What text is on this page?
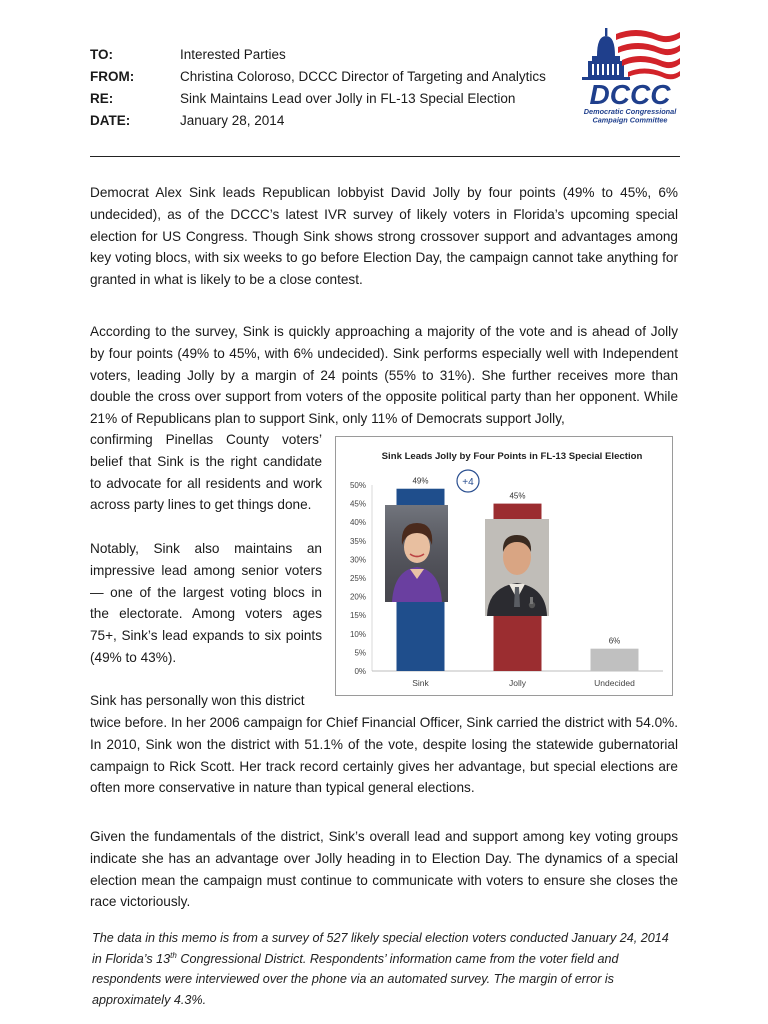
TO:	Interested Parties
FROM:	Christina Coloroso, DCCC Director of Targeting and Analytics
RE:	Sink Maintains Lead over Jolly in FL-13 Special Election
DATE:	January 28, 2014
DCCC
Democratic Congressional
Campaign Committee

Democrat Alex Sink leads Republican lobbyist David Jolly by four points (49% to 45%, 6% undecided), as of the DCCC’s latest IVR survey of likely voters in Florida’s upcoming special election for US Congress. Though Sink shows strong crossover support and advantages among key voting blocs, with six weeks to go before Election Day, the campaign cannot take anything for granted in what is likely to be a close contest.

According to the survey, Sink is quickly approaching a majority of the vote and is ahead of Jolly by four points (49% to 45%, with 6% undecided). Sink performs especially well with Independent voters, leading Jolly by a margin of 24 points (55% to 31%). She further receives more than double the cross over support from voters of the opposite political party than her opponent. While 21% of Republicans plan to support Sink, only 11% of Democrats support Jolly,

confirming Pinellas County voters’ belief that Sink is the right candidate to advocate for all residents and work across party lines to get things done.

Notably, Sink also maintains an impressive lead among senior voters— one of the largest voting blocs in the electorate. Among voters ages 75+, Sink’s lead expands to six points (49% to 43%).

Sink has personally won this district

twice before. In her 2006 campaign for Chief Financial Officer, Sink carried the district with 54.0%. In 2010, Sink won the district with 51.1% of the vote, despite losing the statewide gubernatorial campaign to Rick Scott. Her track record certainly gives her advantage, but special elections are often more conservative in nature than typical general elections.

Given the fundamentals of the district, Sink’s overall lead and support among key voting groups indicate she has an advantage over Jolly heading in to Election Day. The dynamics of a special election mean the campaign must continue to communicate with voters to ensure she closes the race victoriously.

Sink Leads Jolly by Four Points in FL-13 Special Election
0%
5%
10%
15%
20%
25%
30%
35%
40%
45%
50%	49%
45%
6%
Sink	Jolly	Undecided
+4

The data in this memo is from a survey of 527 likely special election voters conducted January 24, 2014 in Florida’s 13th Congressional District. Respondents’ information came from the voter field and respondents were interviewed over the phone via an automated survey. The margin of error is approximately 4.3%.
